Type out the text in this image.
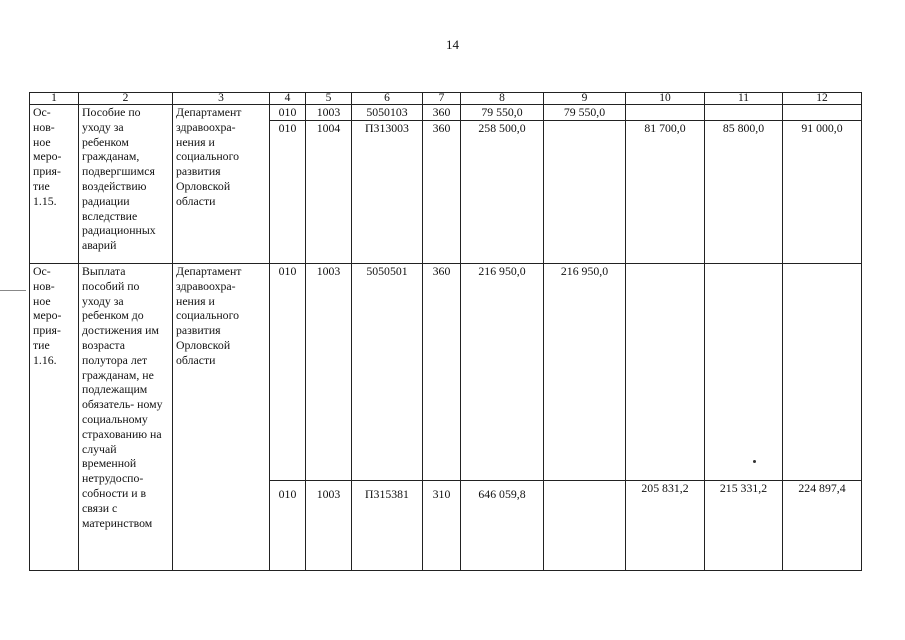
14
1	2	3	4	5	6	7	8	9	10	11	12
Ос- нов- ное меро- прия- тие 1.15.	Пособие по уходу за ребенком гражданам, подвергшимся воздействию радиации вследствие радиационных аварий	Департамент здравоохра- нения и социального развития Орловской области	010	1003	5050103	360	79 550,0	79 550,0			
			010	1004	П313003	360	258 500,0		81 700,0	85 800,0	91 000,0
Ос- нов- ное меро- прия- тие 1.16.	Выплата пособий по уходу за ребенком до достижения им возраста полутора лет гражданам, не подлежащим обязатель- ному социальному страхованию на случай временной нетрудоспо- собности и в связи с материнством	Департамент здравоохра- нения и социального развития Орловской области	010	1003	5050501	360	216 950,0	216 950,0			
			010	1003	П315381	310	646 059,8		205 831,2	215 331,2	224 897,4
